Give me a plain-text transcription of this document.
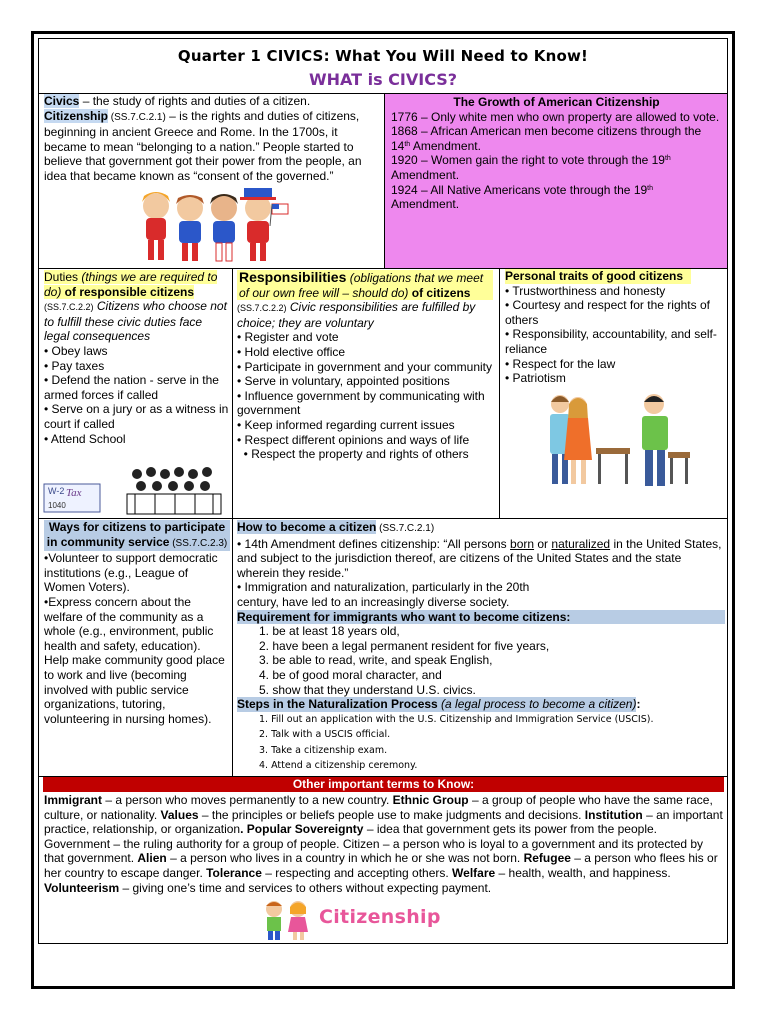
Quarter 1 CIVICS: What You Will Need to Know!
WHAT is CIVICS?
Civics – the study of rights and duties of a citizen.
Citizenship (SS.7.C.2.1) – is the rights and duties of citizens, beginning in ancient Greece and Rome. In the 1700s, it became to mean “belonging to a nation.” People started to believe that government got their power from the people, an idea that became known as “consent of the governed.”
The Growth of American Citizenship
1776 – Only white men who own property are allowed to vote.
1868 – African American men become citizens through the 14th Amendment.
1920 – Women gain the right to vote through the 19th Amendment.
1924 – All Native Americans vote through the 19th Amendment.
Duties (things we are required to do) of responsible citizens
(SS.7.C.2.2) Citizens who choose not to fulfill these civic duties face legal consequences
• Obey laws
• Pay taxes
• Defend the nation - serve in the armed forces if called
• Serve on a jury or as a witness in court if called
• Attend School
W-2 Tax
1040
Responsibilities (obligations that we meet of our own free will – should do) of citizens
(SS.7.C.2.2) Civic responsibilities are fulfilled by choice; they are voluntary
• Register and vote
• Hold elective office
• Participate in government and your community
• Serve in voluntary, appointed positions
• Influence government by communicating with government
• Keep informed regarding current issues
• Respect different opinions and ways of life
• Respect the property and rights of others
Personal traits of good citizens
• Trustworthiness and honesty
• Courtesy and respect for the rights of others
• Responsibility, accountability, and self-reliance
• Respect for the law
• Patriotism
Ways for citizens to participate in community service (SS.7.C.2.3)
•Volunteer to support democratic institutions (e.g., League of Women Voters).
•Express concern about the welfare of the community as a whole (e.g., environment, public health and safety, education).
Help make community good place to work and live (becoming involved with public service organizations, tutoring, volunteering in nursing homes).
How to become a citizen (SS.7.C.2.1)
• 14th Amendment defines citizenship: “All persons born or naturalized in the United States, and subject to the jurisdiction thereof, are citizens of the United States and the state wherein they reside.”
• Immigration and naturalization, particularly in the 20th century, have led to an increasingly diverse society.
Requirement for immigrants who want to become citizens:
1. be at least 18 years old,
2. have been a legal permanent resident for five years,
3. be able to read, write, and speak English,
4. be of good moral character, and
5. show that they understand U.S. civics.
Steps in the Naturalization Process (a legal process to become a citizen):
1. Fill out an application with the U.S. Citizenship and Immigration Service (USCIS).
2. Talk with a USCIS official.
3. Take a citizenship exam.
4. Attend a citizenship ceremony.
Other important terms to Know:
Immigrant – a person who moves permanently to a new country. Ethnic Group – a group of people who have the same race, culture, or nationality. Values – the principles or beliefs people use to make judgments and decisions. Institution – an important practice, relationship, or organization. Popular Sovereignty – idea that government gets its power from the people. Government – the ruling authority for a group of people. Citizen – a person who is loyal to a government and its protected by that government. Alien – a person who lives in a country in which he or she was not born. Refugee – a person who flees his or her country to escape danger. Tolerance – respecting and accepting others. Welfare – health, wealth, and happiness. Volunteerism – giving one’s time and services to others without expecting payment.
Citizenship
